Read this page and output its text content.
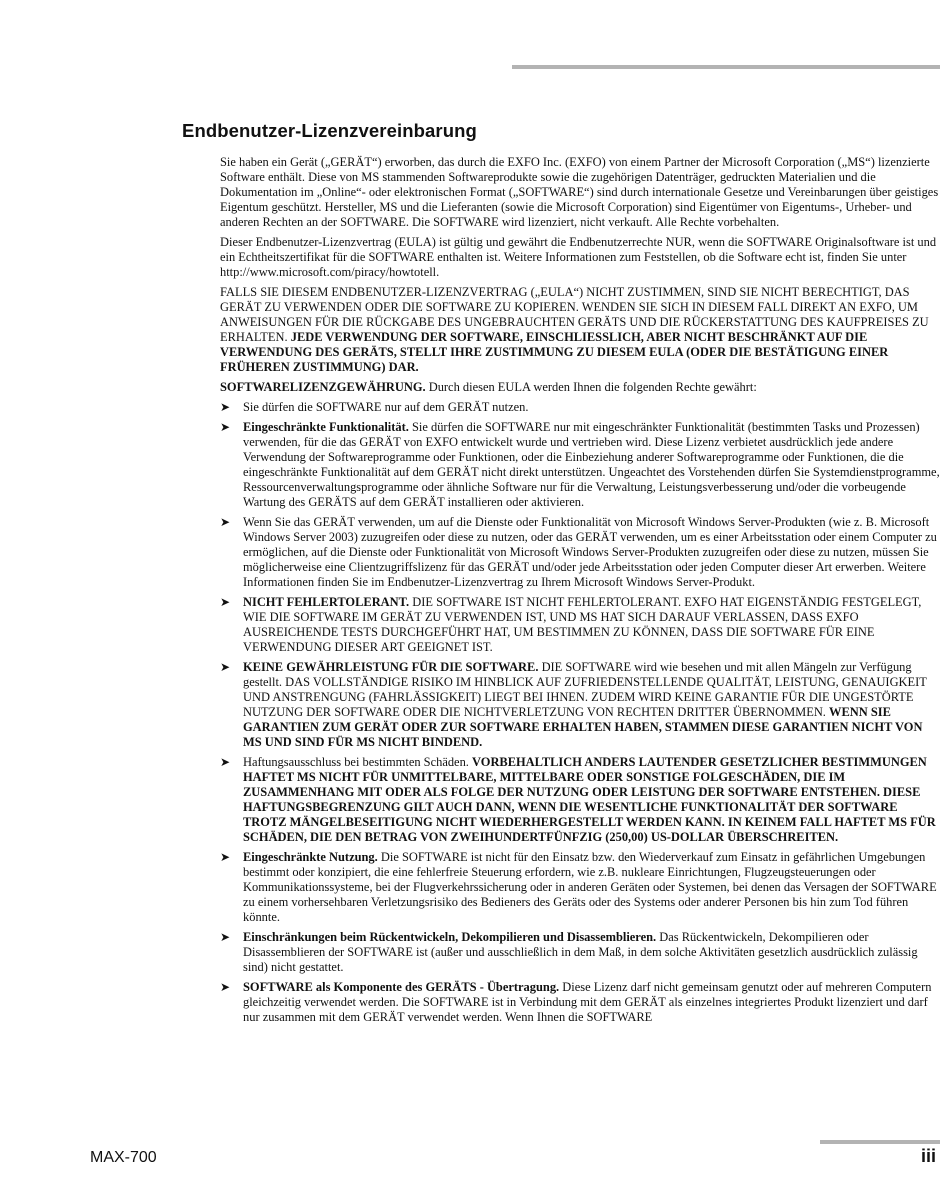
Endbenutzer-Lizenzvereinbarung

Sie haben ein Gerät („GERÄT“) erworben, das durch die EXFO Inc. (EXFO) von einem Partner der Microsoft Corporation („MS“) lizenzierte Software enthält. Diese von MS stammenden Softwareprodukte sowie die zugehörigen Datenträger, gedruckten Materialien und die Dokumentation im „Online“- oder elektronischen Format („SOFTWARE“) sind durch internationale Gesetze und Vereinbarungen über geistiges Eigentum geschützt. Hersteller, MS und die Lieferanten (sowie die Microsoft Corporation) sind Eigentümer von Eigentums-, Urheber- und anderen Rechten an der SOFTWARE. Die SOFTWARE wird lizenziert, nicht verkauft. Alle Rechte vorbehalten.

Dieser Endbenutzer-Lizenzvertrag (EULA) ist gültig und gewährt die Endbenutzerrechte NUR, wenn die SOFTWARE Originalsoftware ist und ein Echtheitszertifikat für die SOFTWARE enthalten ist. Weitere Informationen zum Feststellen, ob die Software echt ist, finden Sie unter http://www.microsoft.com/piracy/howtotell.

FALLS SIE DIESEM ENDBENUTZER-LIZENZVERTRAG („EULA“) NICHT ZUSTIMMEN, SIND SIE NICHT BERECHTIGT, DAS GERÄT ZU VERWENDEN ODER DIE SOFTWARE ZU KOPIEREN. WENDEN SIE SICH IN DIESEM FALL DIREKT AN EXFO, UM ANWEISUNGEN FÜR DIE RÜCKGABE DES UNGEBRAUCHTEN GERÄTS UND DIE RÜCKERSTATTUNG DES KAUFPREISES ZU ERHALTEN. JEDE VERWENDUNG DER SOFTWARE, EINSCHLIESSLICH, ABER NICHT BESCHRÄNKT AUF DIE VERWENDUNG DES GERÄTS, STELLT IHRE ZUSTIMMUNG ZU DIESEM EULA (ODER DIE BESTÄTIGUNG EINER FRÜHEREN ZUSTIMMUNG) DAR.

SOFTWARELIZENZGEWÄHRUNG. Durch diesen EULA werden Ihnen die folgenden Rechte gewährt:

➤ Sie dürfen die SOFTWARE nur auf dem GERÄT nutzen.
➤ Eingeschränkte Funktionalität. Sie dürfen die SOFTWARE nur mit eingeschränkter Funktionalität (bestimmten Tasks und Prozessen) verwenden, für die das GERÄT von EXFO entwickelt wurde und vertrieben wird. Diese Lizenz verbietet ausdrücklich jede andere Verwendung der Softwareprogramme oder Funktionen, oder die Einbeziehung anderer Softwareprogramme oder Funktionen, die die eingeschränkte Funktionalität auf dem GERÄT nicht direkt unterstützen. Ungeachtet des Vorstehenden dürfen Sie Systemdienstprogramme, Ressourcenverwaltungsprogramme oder ähnliche Software nur für die Verwaltung, Leistungsverbesserung und/oder die vorbeugende Wartung des GERÄTS auf dem GERÄT installieren oder aktivieren.
➤ Wenn Sie das GERÄT verwenden, um auf die Dienste oder Funktionalität von Microsoft Windows Server-Produkten (wie z. B. Microsoft Windows Server 2003) zuzugreifen oder diese zu nutzen, oder das GERÄT verwenden, um es einer Arbeitsstation oder einem Computer zu ermöglichen, auf die Dienste oder Funktionalität von Microsoft Windows Server-Produkten zuzugreifen oder diese zu nutzen, müssen Sie möglicherweise eine Clientzugriffslizenz für das GERÄT und/oder jede Arbeitsstation oder jeden Computer dieser Art erwerben. Weitere Informationen finden Sie im Endbenutzer-Lizenzvertrag zu Ihrem Microsoft Windows Server-Produkt.
➤ NICHT FEHLERTOLERANT. DIE SOFTWARE IST NICHT FEHLERTOLERANT. EXFO HAT EIGENSTÄNDIG FESTGELEGT, WIE DIE SOFTWARE IM GERÄT ZU VERWENDEN IST, UND MS HAT SICH DARAUF VERLASSEN, DASS EXFO AUSREICHENDE TESTS DURCHGEFÜHRT HAT, UM BESTIMMEN ZU KÖNNEN, DASS DIE SOFTWARE FÜR EINE VERWENDUNG DIESER ART GEEIGNET IST.
➤ KEINE GEWÄHRLEISTUNG FÜR DIE SOFTWARE. DIE SOFTWARE wird wie besehen und mit allen Mängeln zur Verfügung gestellt. DAS VOLLSTÄNDIGE RISIKO IM HINBLICK AUF ZUFRIEDENSTELLENDE QUALITÄT, LEISTUNG, GENAUIGKEIT UND ANSTRENGUNG (FAHRLÄSSIGKEIT) LIEGT BEI IHNEN. ZUDEM WIRD KEINE GARANTIE FÜR DIE UNGESTÖRTE NUTZUNG DER SOFTWARE ODER DIE NICHTVERLETZUNG VON RECHTEN DRITTER ÜBERNOMMEN. WENN SIE GARANTIEN ZUM GERÄT ODER ZUR SOFTWARE ERHALTEN HABEN, STAMMEN DIESE GARANTIEN NICHT VON MS UND SIND FÜR MS NICHT BINDEND.
➤ Haftungsausschluss bei bestimmten Schäden. VORBEHALTLICH ANDERS LAUTENDER GESETZLICHER BESTIMMUNGEN HAFTET MS NICHT FÜR UNMITTELBARE, MITTELBARE ODER SONSTIGE FOLGESCHÄDEN, DIE IM ZUSAMMENHANG MIT ODER ALS FOLGE DER NUTZUNG ODER LEISTUNG DER SOFTWARE ENTSTEHEN. DIESE HAFTUNGSBEGRENZUNG GILT AUCH DANN, WENN DIE WESENTLICHE FUNKTIONALITÄT DER SOFTWARE TROTZ MÄNGELBESEITIGUNG NICHT WIEDERHERGESTELLT WERDEN KANN. IN KEINEM FALL HAFTET MS FÜR SCHÄDEN, DIE DEN BETRAG VON ZWEIHUNDERTFÜNFZIG (250,00) US-DOLLAR ÜBERSCHREITEN.
➤ Eingeschränkte Nutzung. Die SOFTWARE ist nicht für den Einsatz bzw. den Wiederverkauf zum Einsatz in gefährlichen Umgebungen bestimmt oder konzipiert, die eine fehlerfreie Steuerung erfordern, wie z.B. nukleare Einrichtungen, Flugzeugsteuerungen oder Kommunikationssysteme, bei der Flugverkehrssicherung oder in anderen Geräten oder Systemen, bei denen das Versagen der SOFTWARE zu einem vorhersehbaren Verletzungsrisiko des Bedieners des Geräts oder des Systems oder anderer Personen bis hin zum Tod führen könnte.
➤ Einschränkungen beim Rückentwickeln, Dekompilieren und Disassemblieren. Das Rückentwickeln, Dekompilieren oder Disassemblieren der SOFTWARE ist (außer und ausschließlich in dem Maß, in dem solche Aktivitäten gesetzlich ausdrücklich zulässig sind) nicht gestattet.
➤ SOFTWARE als Komponente des GERÄTS - Übertragung. Diese Lizenz darf nicht gemeinsam genutzt oder auf mehreren Computern gleichzeitig verwendet werden. Die SOFTWARE ist in Verbindung mit dem GERÄT als einzelnes integriertes Produkt lizenziert und darf nur zusammen mit dem GERÄT verwendet werden. Wenn Ihnen die SOFTWARE
MAX-700	iii
